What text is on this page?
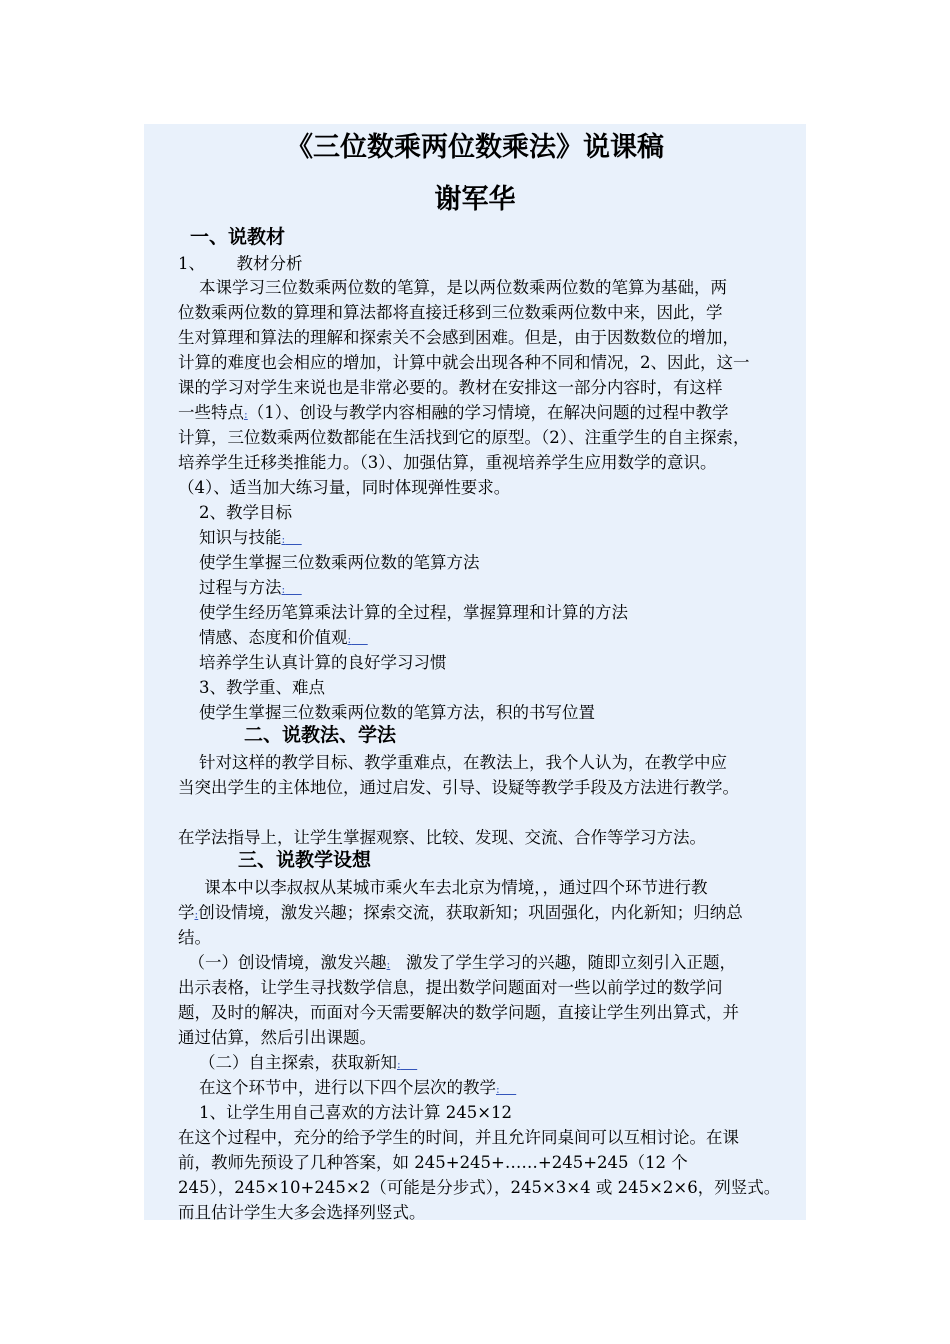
《三位数乘两位数乘法》说课稿
谢军华
一、说教材
1、      教材分析
本课学习三位数乘两位数的笔算，是以两位数乘两位数的笔算为基础，两
位数乘两位数的算理和算法都将直接迁移到三位数乘两位数中来，因此，学
生对算理和算法的理解和探索关不会感到困难。但是，由于因数数位的增加，
计算的难度也会相应的增加，计算中就会出现各种不同和情况，2、因此，这一
课的学习对学生来说也是非常必要的。教材在安排这一部分内容时，有这样
一些特点:（1）、创设与教学内容相融的学习情境，在解决问题的过程中教学
计算，三位数乘两位数都能在生活找到它的原型。（2）、注重学生的自主探索，
培养学生迁移类推能力。（3）、加强估算，重视培养学生应用数学的意识。
（4）、适当加大练习量，同时体现弹性要求。
2、教学目标
知识与技能: 
使学生掌握三位数乘两位数的笔算方法
过程与方法: 
使学生经历笔算乘法计算的全过程，掌握算理和计算的方法
情感、态度和价值观: 
培养学生认真计算的良好学习习惯
3、教学重、难点
使学生掌握三位数乘两位数的笔算方法，积的书写位置
二、说教法、学法
针对这样的教学目标、教学重难点，在教法上，我个人认为，在教学中应
当突出学生的主体地位，通过启发、引导、设疑等教学手段及方法进行教学。
在学法指导上，让学生掌握观察、比较、发现、交流、合作等学习方法。
三、说教学设想
课本中以李叔叔从某城市乘火车去北京为情境，，通过四个环节进行教
学:创设情境，激发兴趣；探索交流，获取新知；巩固强化，内化新知；归纳总
结。
（一）创设情境，激发兴趣:   激发了学生学习的兴趣，随即立刻引入正题，
出示表格，让学生寻找数学信息，提出数学问题面对一些以前学过的数学问
题，及时的解决，而面对今天需要解决的数学问题，直接让学生列出算式，并
通过估算，然后引出课题。
（二）自主探索，获取新知: 
在这个环节中，进行以下四个层次的教学: 
1、让学生用自己喜欢的方法计算 245×12
在这个过程中，充分的给予学生的时间，并且允许同桌间可以互相讨论。在课
前，教师先预设了几种答案，如 245+245+……+245+245（12 个
245），245×10+245×2（可能是分步式），245×3×4 或 245×2×6，列竖式。
而且估计学生大多会选择列竖式。
